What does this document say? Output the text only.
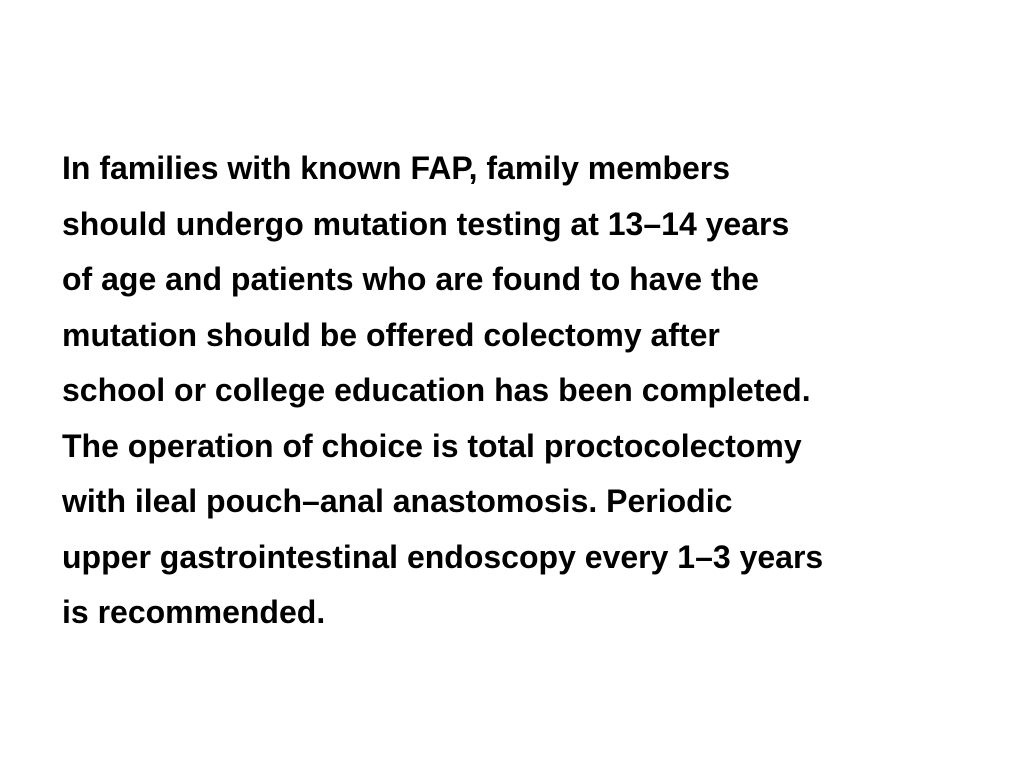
In families with known FAP, family members
should undergo mutation testing at 13–14 years
of age and patients who are found to have the
mutation should be offered colectomy after
school or college education has been completed.
The operation of choice is total proctocolectomy
with ileal pouch–anal anastomosis. Periodic
upper gastrointestinal endoscopy every 1–3 years
is recommended.
